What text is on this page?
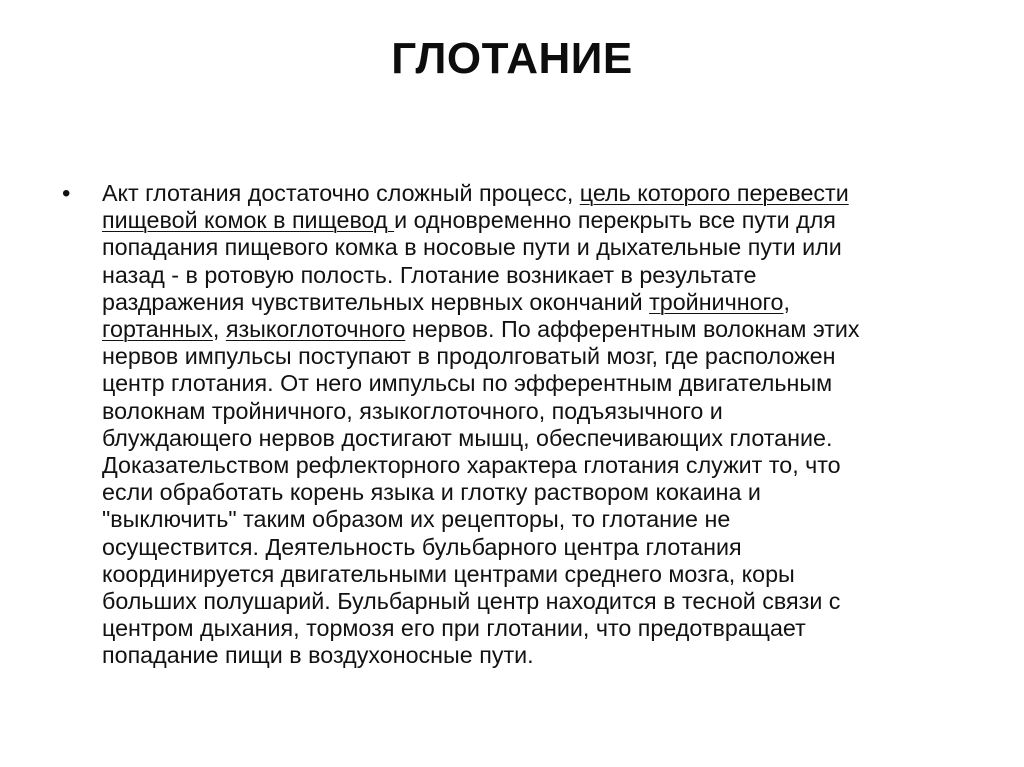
ГЛОТАНИЕ
•	Акт глотания достаточно сложный процесс, цель которого перевести
пищевой комок в пищевод и одновременно перекрыть все пути для
попадания пищевого комка в носовые пути и дыхательные пути или
назад - в ротовую полость. Глотание возникает в результате
раздражения чувствительных нервных окончаний тройничного,
гортанных, языкоглоточного нервов. По афферентным волокнам этих
нервов импульсы поступают в продолговатый мозг, где расположен
центр глотания. От него импульсы по эфферентным двигательным
волокнам тройничного, языкоглоточного, подъязычного и
блуждающего нервов достигают мышц, обеспечивающих глотание.
Доказательством рефлекторного характера глотания служит то, что
если обработать корень языка и глотку раствором кокаина и
"выключить" таким образом их рецепторы, то глотание не
осуществится. Деятельность бульбарного центра глотания
координируется двигательными центрами среднего мозга, коры
больших полушарий. Бульбарный центр находится в тесной связи с
центром дыхания, тормозя его при глотании, что предотвращает
попадание пищи в воздухоносные пути.
